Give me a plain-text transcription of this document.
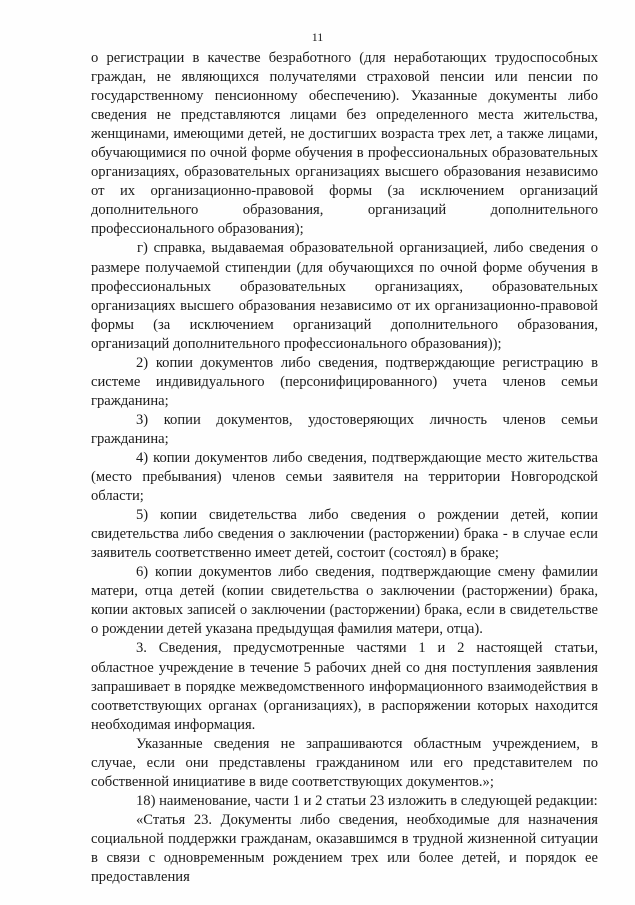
11

о регистрации в качестве безработного (для неработающих трудоспособных граждан, не являющихся получателями страховой пенсии или пенсии по государственному пенсионному обеспечению). Указанные документы либо сведения не представляются лицами без определенного места жительства, женщинами, имеющими детей, не достигших возраста трех лет, а также лицами, обучающимися по очной форме обучения в профессиональных образовательных организациях, образовательных организациях высшего образования независимо от их организационно-правовой формы (за исключением организаций дополнительного образования, организаций дополнительного профессионального образования);

г) справка, выдаваемая образовательной организацией, либо сведения о размере получаемой стипендии (для обучающихся по очной форме обучения в профессиональных образовательных организациях, образовательных организациях высшего образования независимо от их организационно-правовой формы (за исключением организаций дополнительного образования, организаций дополнительного профессионального образования));

2) копии документов либо сведения, подтверждающие регистрацию в системе индивидуального (персонифицированного) учета членов семьи гражданина;

3) копии документов, удостоверяющих личность членов семьи гражданина;

4) копии документов либо сведения, подтверждающие место жительства (место пребывания) членов семьи заявителя на территории Новгородской области;

5) копии свидетельства либо сведения о рождении детей, копии свидетельства либо сведения о заключении (расторжении) брака - в случае если заявитель соответственно имеет детей, состоит (состоял) в браке;

6) копии документов либо сведения, подтверждающие смену фамилии матери, отца детей (копии свидетельства о заключении (расторжении) брака, копии актовых записей о заключении (расторжении) брака, если в свидетельстве о рождении детей указана предыдущая фамилия матери, отца).

3. Сведения, предусмотренные частями 1 и 2 настоящей статьи, областное учреждение в течение 5 рабочих дней со дня поступления заявления запрашивает в порядке межведомственного информационного взаимодействия в соответствующих органах (организациях), в распоряжении которых находится необходимая информация.

Указанные сведения не запрашиваются областным учреждением, в случае, если они представлены гражданином или его представителем по собственной инициативе в виде соответствующих документов.»;

18) наименование, части 1 и 2 статьи 23 изложить в следующей редакции:

«Статья 23. Документы либо сведения, необходимые для назначения социальной поддержки гражданам, оказавшимся в трудной жизненной ситуации в связи с одновременным рождением трех или более детей, и порядок ее предоставления
